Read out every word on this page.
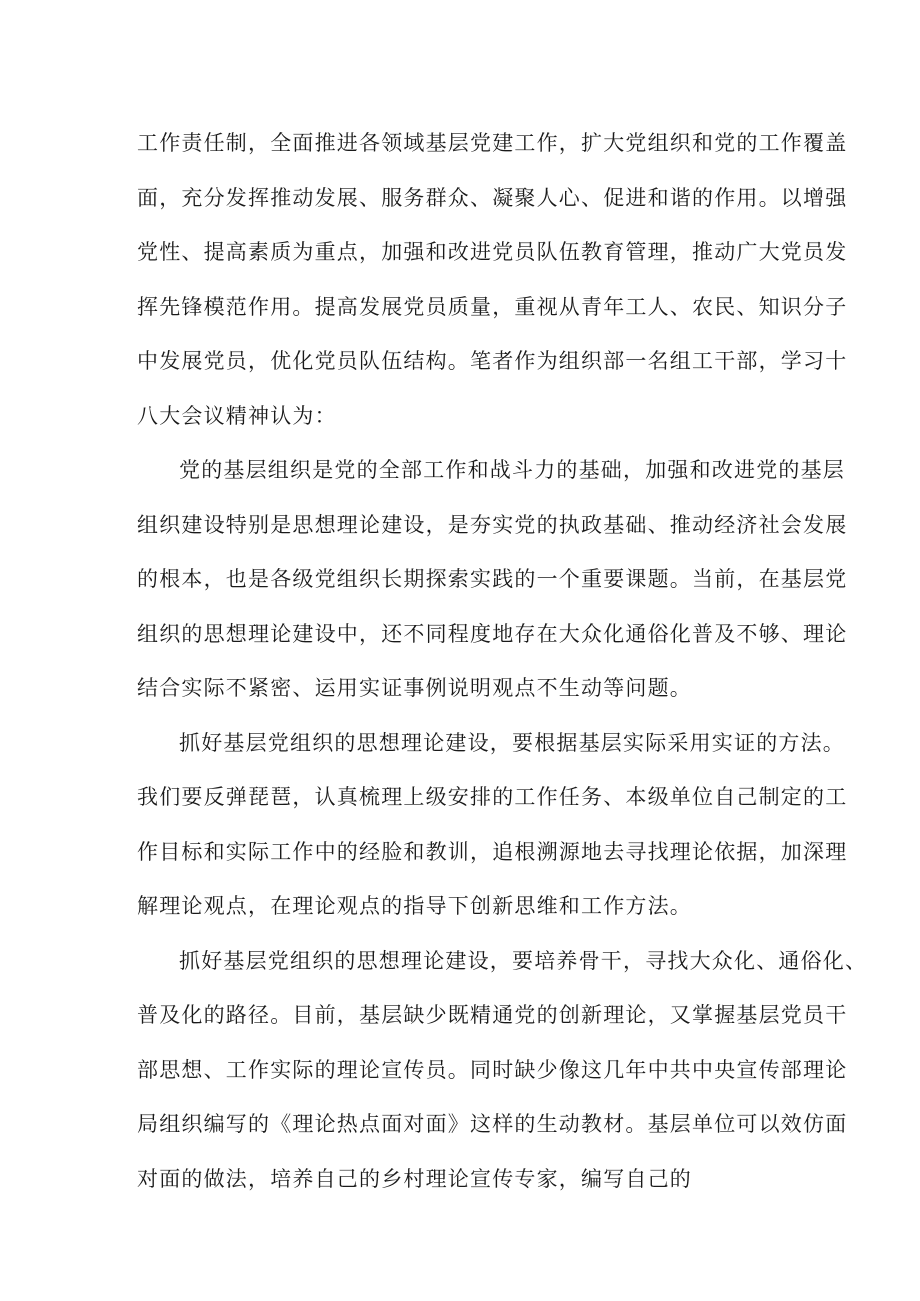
工作责任制，全面推进各领域基层党建工作，扩大党组织和党的工作覆盖
面，充分发挥推动发展、服务群众、凝聚人心、促进和谐的作用。以增强
党性、提高素质为重点，加强和改进党员队伍教育管理，推动广大党员发
挥先锋模范作用。提高发展党员质量，重视从青年工人、农民、知识分子
中发展党员，优化党员队伍结构。笔者作为组织部一名组工干部，学习十
八大会议精神认为：
党的基层组织是党的全部工作和战斗力的基础，加强和改进党的基层
组织建设特别是思想理论建设，是夯实党的执政基础、推动经济社会发展
的根本，也是各级党组织长期探索实践的一个重要课题。当前，在基层党
组织的思想理论建设中，还不同程度地存在大众化通俗化普及不够、理论
结合实际不紧密、运用实证事例说明观点不生动等问题。
抓好基层党组织的思想理论建设，要根据基层实际采用实证的方法。
我们要反弹琵琶，认真梳理上级安排的工作任务、本级单位自己制定的工
作目标和实际工作中的经脸和教训，追根溯源地去寻找理论依据，加深理
解理论观点，在理论观点的指导下创新思维和工作方法。
抓好基层党组织的思想理论建设，要培养骨干，寻找大众化、通俗化、
普及化的路径。目前，基层缺少既精通党的创新理论，又掌握基层党员干
部思想、工作实际的理论宣传员。同时缺少像这几年中共中央宣传部理论
局组织编写的《理论热点面对面》这样的生动教材。基层单位可以效仿面
对面的做法，培养自己的乡村理论宣传专家，编写自己的
